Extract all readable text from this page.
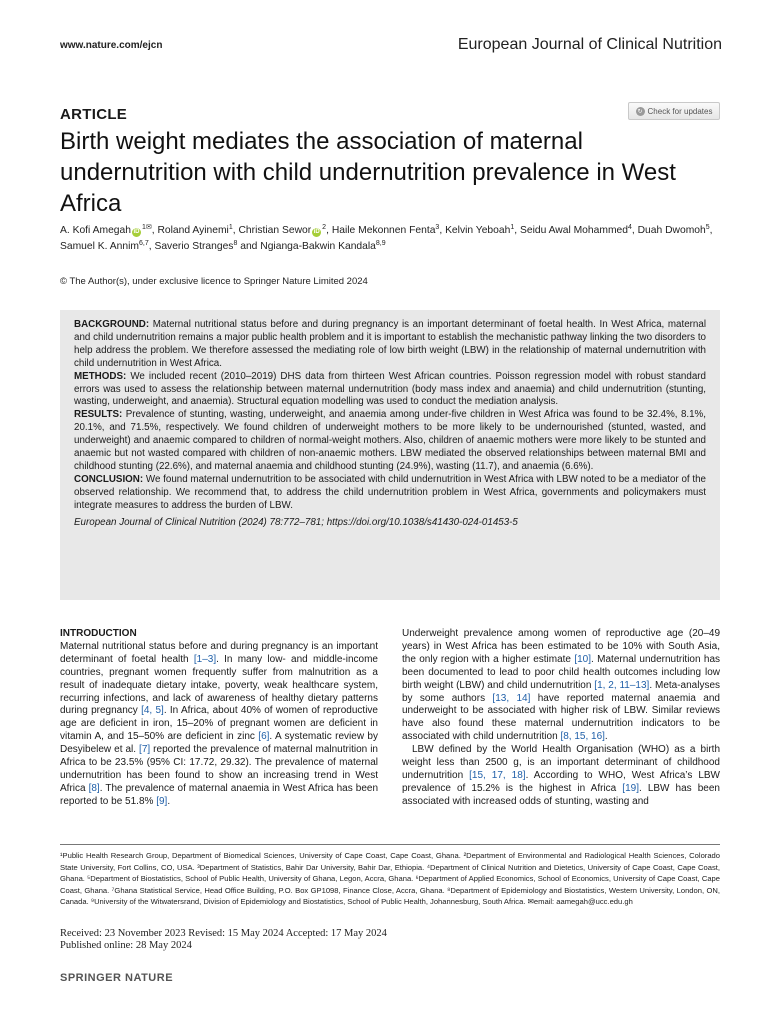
www.nature.com/ejcn	European Journal of Clinical Nutrition
ARTICLE	↻ Check for updates
Birth weight mediates the association of maternal undernutrition with child undernutrition prevalence in West Africa
A. Kofi Amegah $iD^{1✉}$, Roland Ayinemi$^1$, Christian Sewor $iD^2$, Haile Mekonnen Fenta$^3$, Kelvin Yeboah$^1$, Seidu Awal Mohammed$^4$, Duah Dwomoh$^5$, Samuel K. Annim$^{6,7}$, Saverio Stranges$^8$ and Ngianga-Bakwin Kandala$^{8,9}$
© The Author(s), under exclusive licence to Springer Nature Limited 2024

BACKGROUND: Maternal nutritional status before and during pregnancy is an important determinant of foetal health. In West Africa, maternal and child undernutrition remains a major public health problem and it is important to establish the mechanistic pathway linking the two disorders to help address the problem. We therefore assessed the mediating role of low birth weight (LBW) in the relationship of maternal undernutrition with child undernutrition in West Africa.

METHODS: We included recent (2010–2019) DHS data from thirteen West African countries. Poisson regression model with robust standard errors was used to assess the relationship between maternal undernutrition (body mass index and anaemia) and child undernutrition (stunting, wasting, underweight, and anaemia). Structural equation modelling was used to conduct the mediation analysis.

RESULTS: Prevalence of stunting, wasting, underweight, and anaemia among under-five children in West Africa was found to be 32.4%, 8.1%, 20.1%, and 71.5%, respectively. We found children of underweight mothers to be more likely to be undernourished (stunted, wasted, and underweight) and anaemic compared to children of normal-weight mothers. Also, children of anaemic mothers were more likely to be stunted and anaemic but not wasted compared with children of non-anaemic mothers. LBW mediated the observed relationships between maternal BMI and childhood stunting (22.6%), and maternal anaemia and childhood stunting (24.9%), wasting (11.7), and anaemia (6.6%).

CONCLUSION: We found maternal undernutrition to be associated with child undernutrition in West Africa with LBW noted to be a mediator of the observed relationship. We recommend that, to address the child undernutrition problem in West Africa, governments and policymakers must integrate measures to address the burden of LBW.

European Journal of Clinical Nutrition (2024) 78:772–781; https://doi.org/10.1038/s41430-024-01453-5

INTRODUCTION

Maternal nutritional status before and during pregnancy is an important determinant of foetal health [1–3]. In many low- and middle-income countries, pregnant women frequently suffer from malnutrition as a result of inadequate dietary intake, poverty, weak healthcare system, recurring infections, and lack of awareness of healthy dietary patterns during pregnancy [4, 5]. In Africa, about 40% of women of reproductive age are deficient in iron, 15–20% of pregnant women are deficient in vitamin A, and 15–50% are deficient in zinc [6]. A systematic review by Desyibelew et al. [7] reported the prevalence of maternal malnutrition in Africa to be 23.5% (95% CI: 17.72, 29.32). The prevalence of maternal undernutrition has been found to show an increasing trend in West Africa [8]. The prevalence of maternal anaemia in West Africa has been reported to be 51.8% [9].

Underweight prevalence among women of reproductive age (20–49 years) in West Africa has been estimated to be 10% with South Asia, the only region with a higher estimate [10]. Maternal undernutrition has been documented to lead to poor child health outcomes including low birth weight (LBW) and child undernutrition [1, 2, 11–13]. Meta-analyses by some authors [13, 14] have reported maternal anaemia and underweight to be associated with higher risk of LBW. Similar reviews have also found these maternal undernutrition indicators to be associated with child undernutrition [8, 15, 16].

LBW defined by the World Health Organisation (WHO) as a birth weight less than 2500 g, is an important determinant of childhood undernutrition [15, 17, 18]. According to WHO, West Africa’s LBW prevalence of 15.2% is the highest in Africa [19]. LBW has been associated with increased odds of stunting, wasting and

¹Public Health Research Group, Department of Biomedical Sciences, University of Cape Coast, Cape Coast, Ghana. ²Department of Environmental and Radiological Health Sciences, Colorado State University, Fort Collins, CO, USA. ³Department of Statistics, Bahir Dar University, Bahir Dar, Ethiopia. ⁴Department of Clinical Nutrition and Dietetics, University of Cape Coast, Cape Coast, Ghana. ⁵Department of Biostatistics, School of Public Health, University of Ghana, Legon, Accra, Ghana. ⁶Department of Applied Economics, School of Economics, University of Cape Coast, Cape Coast, Ghana. ⁷Ghana Statistical Service, Head Office Building, P.O. Box GP1098, Finance Close, Accra, Ghana. ⁸Department of Epidemiology and Biostatistics, Western University, London, ON, Canada. ⁹University of the Witwatersrand, Division of Epidemiology and Biostatistics, School of Public Health, Johannesburg, South Africa. ✉email: aamegah@ucc.edu.gh
Received: 23 November 2023 Revised: 15 May 2024 Accepted: 17 May 2024
Published online: 28 May 2024
SPRINGER NATURE
